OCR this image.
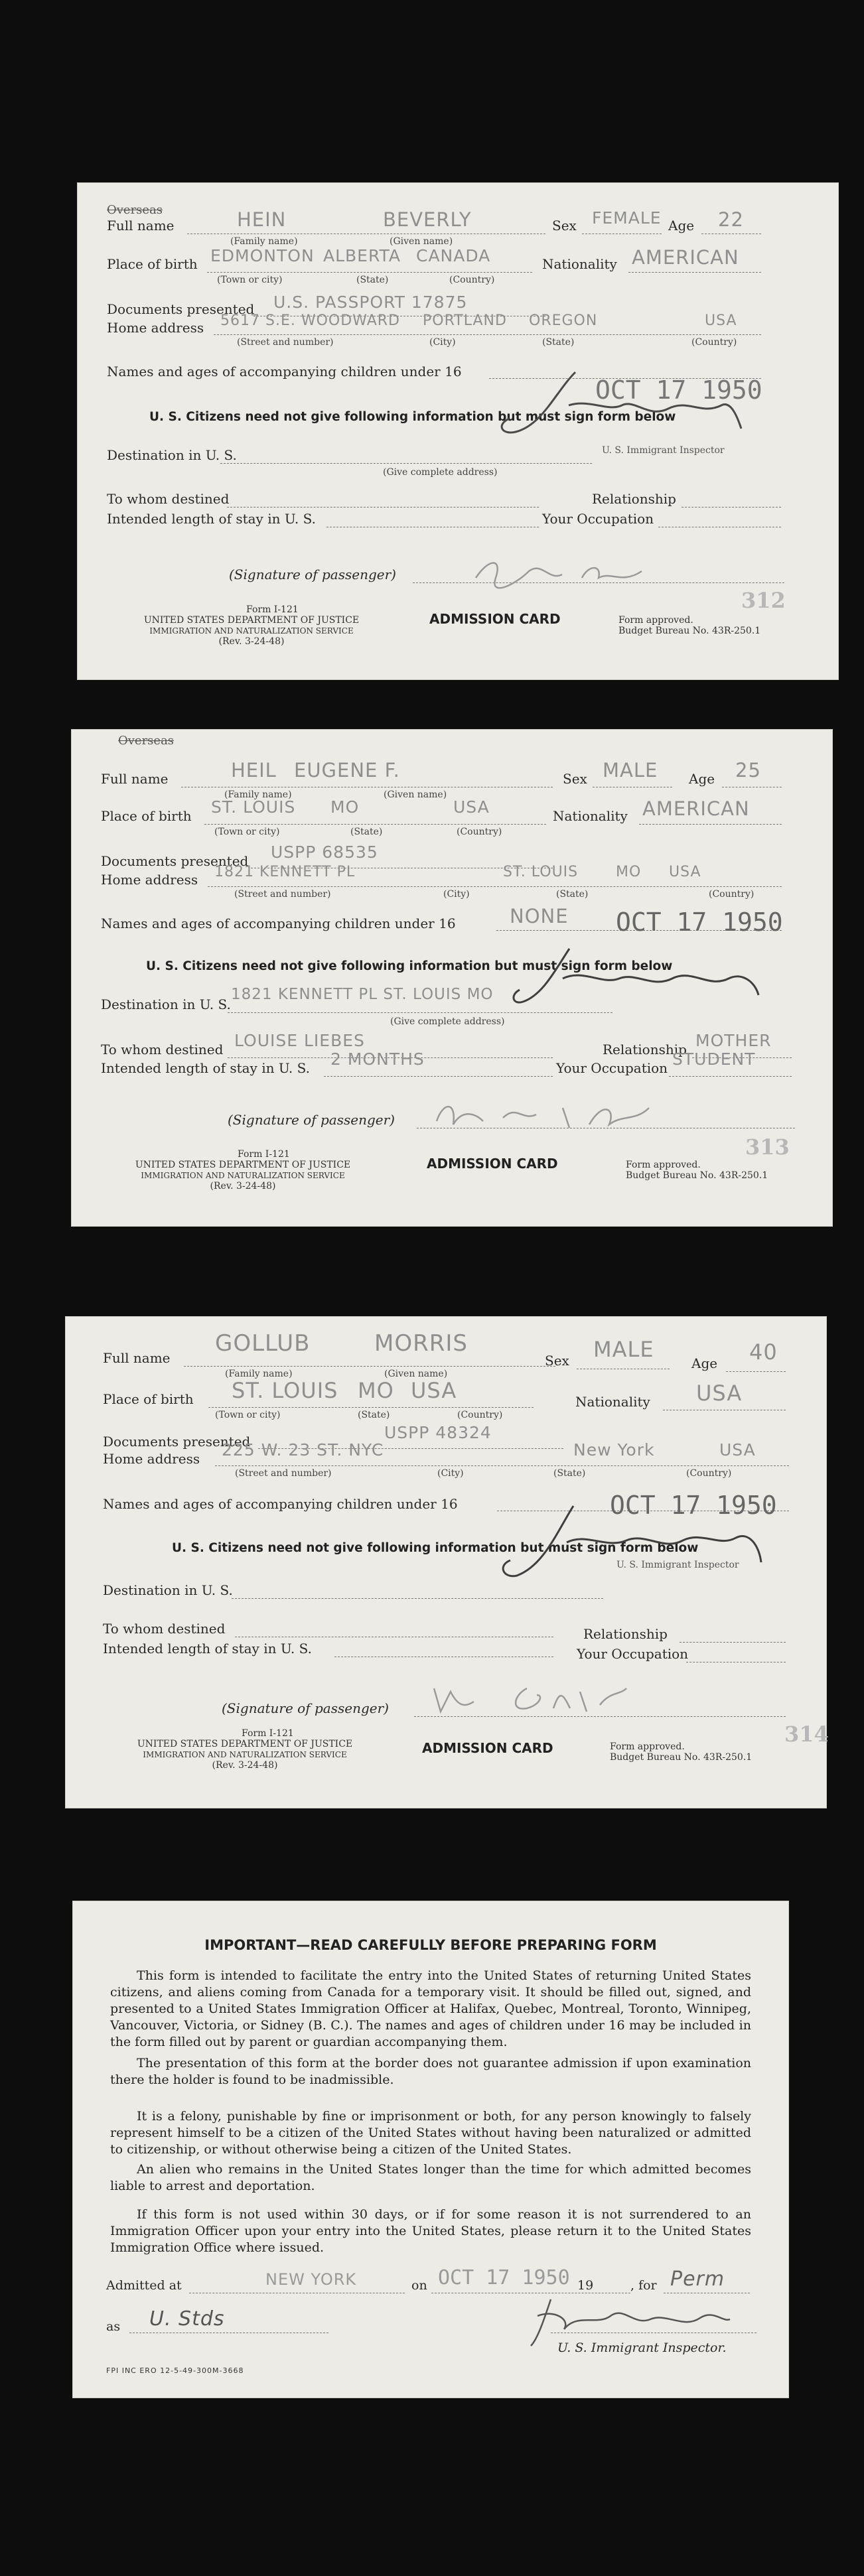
Overseas
Full name	HEIN	BEVERLY
(Family name)	(Given name)
Sex FEMALE Age 22
Place of birth EDMONTON ALBERTA CANADA
(Town or city)	(State)	(Country)
Nationality AMERICAN
Documents presented U.S. PASSPORT 17875
Home address 5617 S.E. WOODWARD PORTLAND OREGON	USA
(Street and number)	(City)	(State)	(Country)
Names and ages of accompanying children under 16
OCT 17 1950
U. S. Immigrant Inspector
U. S. Citizens need not give following information but must sign form below
Destination in U. S.
(Give complete address)
To whom destined	Relationship
Intended length of stay in U. S.	Your Occupation
(Signature of passenger)
312
Form I-121
UNITED STATES DEPARTMENT OF JUSTICE
IMMIGRATION AND NATURALIZATION SERVICE
(Rev. 3-24-48)
ADMISSION CARD	Form approved.
Budget Bureau No. 43R-250.1
Overseas
Full name	HEIL EUGENE F.
(Family name)	(Given name)
Sex MALE Age 25
Place of birth ST. LOUIS MO	USA
(Town or city)	(State)	(Country)
Nationality AMERICAN
Documents presented USPP 68535
Home address 1821 KENNETT PL	ST. LOUIS	MO USA
(Street and number)	(City)	(State)	(Country)
Names and ages of accompanying children under 16	NONE OCT 17 1950
U. S. Citizens need not give following information but must sign form below
Destination in U. S.
1821 KENNETT PL ST. LOUIS MO
(Give complete address)
To whom destined LOUISE LIEBES	Relationship MOTHER
Intended length of stay in U. S. 2 MONTHS	Your Occupation STUDENT
(Signature of passenger)
313
Form I-121
UNITED STATES DEPARTMENT OF JUSTICE
IMMIGRATION AND NATURALIZATION SERVICE
(Rev. 3-24-48)
ADMISSION CARD	Form approved.
Budget Bureau No. 43R-250.1
Full name
GOLLUB	MORRIS
(Family name)	(Given name)
Sex MALE
Age 40
Place of birth ST. LOUIS MO USA
(Town or city)	(State)	(Country)
Nationality USA
Documents presented	USPP 48324
Home address 225 W. 23 ST. NYC	New York	USA
(Street and number)	(City)	(State)	(Country)
Names and ages of accompanying children under 16	OCT 17 1950
U. S. Immigrant Inspector
U. S. Citizens need not give following information but must sign form below
Destination in U. S.
To whom destined	Relationship
Intended length of stay in U. S.	Your Occupation
(Signature of passenger)
314
Form I-121
UNITED STATES DEPARTMENT OF JUSTICE
IMMIGRATION AND NATURALIZATION SERVICE
(Rev. 3-24-48)
ADMISSION CARD	Form approved.
Budget Bureau No. 43R-250.1
IMPORTANT—READ CAREFULLY BEFORE PREPARING FORM

This form is intended to facilitate the entry into the United States of returning United States citizens, and aliens coming from Canada for a temporary visit. It should be filled out, signed, and presented to a United States Immigration Officer at Halifax, Quebec, Montreal, Toronto, Winnipeg, Vancouver, Victoria, or Sidney (B. C.). The names and ages of children under 16 may be included in the form filled out by parent or guardian accompanying them.

The presentation of this form at the border does not guarantee admission if upon examination there the holder is found to be inadmissible.

It is a felony, punishable by fine or imprisonment or both, for any person knowingly to falsely represent himself to be a citizen of the United States without having been naturalized or admitted to citizenship, or without otherwise being a citizen of the United States.

An alien who remains in the United States longer than the time for which admitted becomes liable to arrest and deportation.

If this form is not used within 30 days, or if for some reason it is not surrendered to an Immigration Officer upon your entry into the United States, please return it to the United States Immigration Office where issued.

Admitted at	NEW YORK	on OCT 17 1950 19	, for Perm
as U. Stds
U. S. Immigrant Inspector.
FPI INC ERO 12-5-49-300M-3668
